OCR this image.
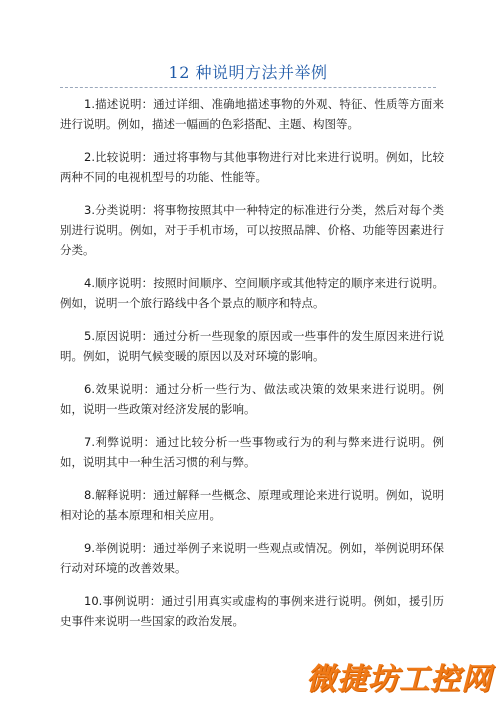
12 种说明方法并举例

1.描述说明：通过详细、准确地描述事物的外观、特征、性质等方面来进行说明。例如，描述一幅画的色彩搭配、主题、构图等。

2.比较说明：通过将事物与其他事物进行对比来进行说明。例如，比较两种不同的电视机型号的功能、性能等。

3.分类说明：将事物按照其中一种特定的标准进行分类，然后对每个类别进行说明。例如，对于手机市场，可以按照品牌、价格、功能等因素进行分类。

4.顺序说明：按照时间顺序、空间顺序或其他特定的顺序来进行说明。例如，说明一个旅行路线中各个景点的顺序和特点。

5.原因说明：通过分析一些现象的原因或一些事件的发生原因来进行说明。例如，说明气候变暖的原因以及对环境的影响。

6.效果说明：通过分析一些行为、做法或决策的效果来进行说明。例如，说明一些政策对经济发展的影响。

7.利弊说明：通过比较分析一些事物或行为的利与弊来进行说明。例如，说明其中一种生活习惯的利与弊。

8.解释说明：通过解释一些概念、原理或理论来进行说明。例如，说明相对论的基本原理和相关应用。

9.举例说明：通过举例子来说明一些观点或情况。例如，举例说明环保行动对环境的改善效果。

10.事例说明：通过引用真实或虚构的事例来进行说明。例如，援引历史事件来说明一些国家的政治发展。

微捷坊工控网
